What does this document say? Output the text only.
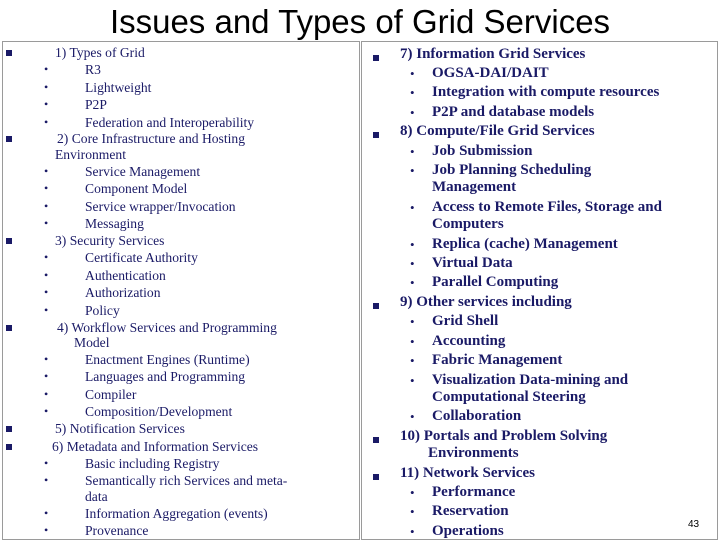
Issues and Types of Grid Services
1) Types of Grid
•	R3
•	Lightweight
•	P2P
•	Federation and Interoperability
2) Core Infrastructure and Hosting
Environment
•	Service Management
•	Component Model
•	Service wrapper/Invocation
•	Messaging
3) Security Services
•	Certificate Authority
•	Authentication
•	Authorization
•	Policy
4) Workflow Services and Programming
Model
•	Enactment Engines (Runtime)
•	Languages and Programming
•	Compiler
•	Composition/Development
5) Notification Services
6) Metadata and Information Services
•	Basic including Registry
•	Semantically rich Services and meta-
data
•	Information Aggregation (events)
•	Provenance
7) Information Grid Services
• OGSA-DAI/DAIT
• Integration with compute resources
• P2P and database models
8) Compute/File Grid Services
• Job Submission
• Job Planning Scheduling
Management
• Access to Remote Files, Storage and
Computers
• Replica (cache) Management
• Virtual Data
• Parallel Computing
9) Other services including
• Grid Shell
• Accounting
• Fabric Management
• Visualization Data-mining and
Computational Steering
• Collaboration
10) Portals and Problem Solving
Environments
11) Network Services
• Performance
• Reservation
• Operations	43
